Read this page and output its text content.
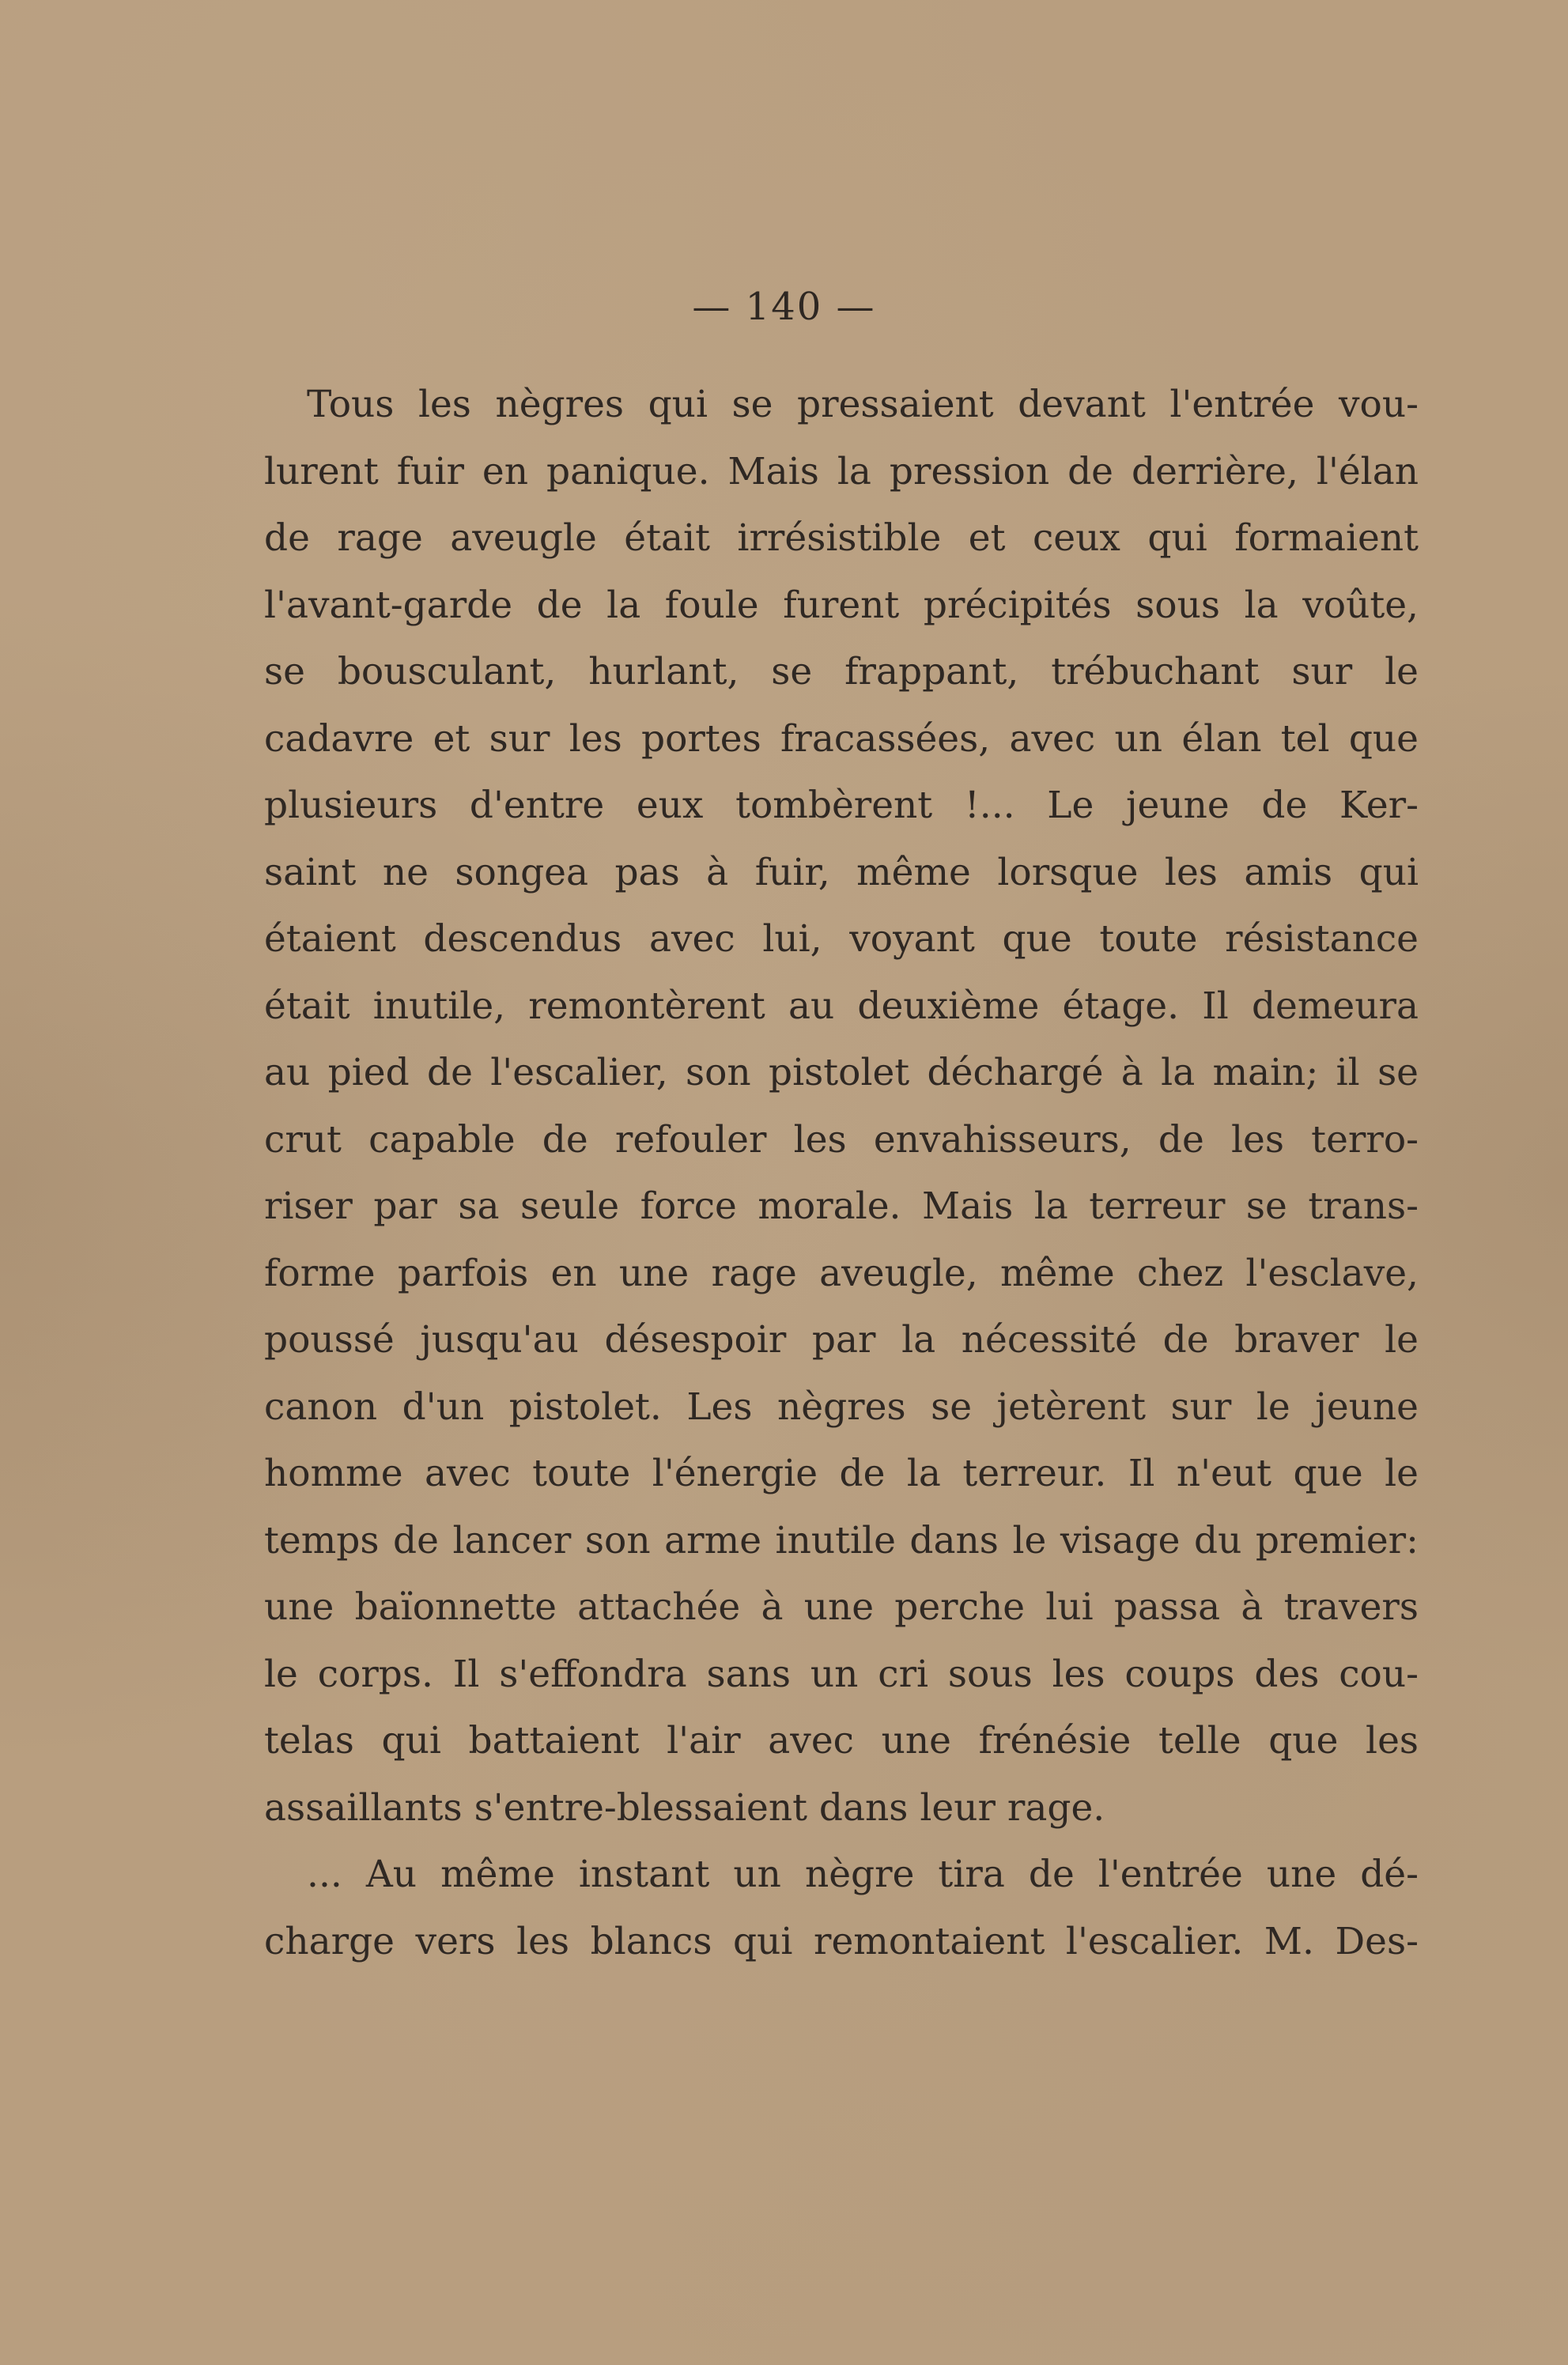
— 140 —
Tous les nègres qui se pressaient devant l'entrée vou-
lurent fuir en panique. Mais la pression de derrière, l'élan
de rage aveugle était irrésistible et ceux qui formaient
l'avant-garde de la foule furent précipités sous la voûte,
se bousculant, hurlant, se frappant, trébuchant sur le
cadavre et sur les portes fracassées, avec un élan tel que
plusieurs d'entre eux tombèrent !... Le jeune de Ker-
saint ne songea pas à fuir, même lorsque les amis qui
étaient descendus avec lui, voyant que toute résistance
était inutile, remontèrent au deuxième étage. Il demeura
au pied de l'escalier, son pistolet déchargé à la main; il se
crut capable de refouler les envahisseurs, de les terro-
riser par sa seule force morale. Mais la terreur se trans-
forme parfois en une rage aveugle, même chez l'esclave,
poussé jusqu'au désespoir par la nécessité de braver le
canon d'un pistolet. Les nègres se jetèrent sur le jeune
homme avec toute l'énergie de la terreur. Il n'eut que le
temps de lancer son arme inutile dans le visage du premier:
une baïonnette attachée à une perche lui passa à travers
le corps. Il s'effondra sans un cri sous les coups des cou-
telas qui battaient l'air avec une frénésie telle que les
assaillants s'entre-blessaient dans leur rage.
... Au même instant un nègre tira de l'entrée une dé-
charge vers les blancs qui remontaient l'escalier. M. Des-
